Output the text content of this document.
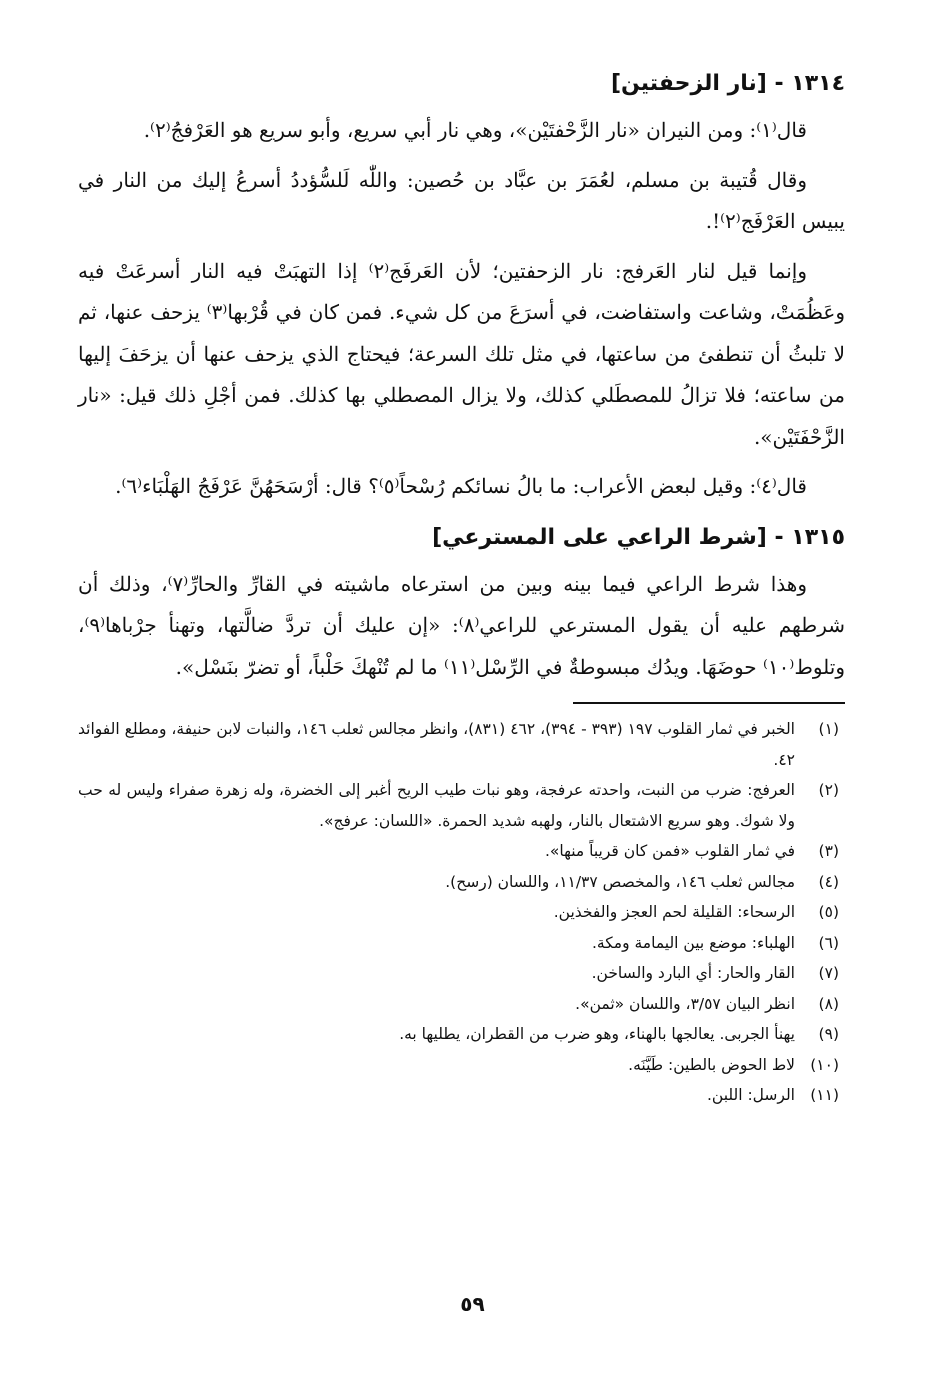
١٣١٤ - [نار الزحفتين]

قال⁽١⁾: ومن النيران «نار الزَّحْفتَيْن»، وهي نار أبي سريع، وأبو سريع هو العَرْفجُ⁽٢⁾.

وقال قُتيبة بن مسلم، لعُمَرَ بن عبَّاد بن حُصين: واللّٰه لَلسُّؤددُ أسرعُ إليك من النار في يبيس العَرْفَج⁽٢⁾!.

وإنما قيل لنار العَرفج: نار الزحفتين؛ لأن العَرفَج⁽٢⁾ إذا التهبَتْ فيه النار أسرعَتْ فيه وعَظُمَتْ، وشاعت واستفاضت، في أسرَعَ من كل شيء. فمن كان في قُرْبها⁽٣⁾ يزحف عنها، ثم لا تلبثُ أن تنطفئ من ساعتها، في مثل تلك السرعة؛ فيحتاج الذي يزحف عنها أن يزحَفَ إليها من ساعته؛ فلا تزالُ للمصطَلي كذلك، ولا يزال المصطلي بها كذلك. فمن أجْلِ ذلك قيل: «نار الزَّحْفَتَيْن».

قال⁽٤⁾: وقيل لبعض الأعراب: ما بالُ نسائكم رُسْحاً⁽٥⁾؟ قال: أرْسَحَهُنَّ عَرْفَجُ الهَلْبَاء⁽٦⁾.

١٣١٥ - [شرط الراعي على المسترعي]

وهذا شرط الراعي فيما بينه وبين من استرعاه ماشيته في القارِّ والحارِّ⁽٧⁾، وذلك أن شرطهم عليه أن يقول المسترعي للراعي⁽٨⁾: «إن عليك أن تردَّ ضالَّتها، وتهنأ جرْباها⁽٩⁾، وتلوط⁽١٠⁾ حوضَهَا. ويدُك مبسوطةٌ في الرِّسْل⁽١١⁾ ما لم تُنْهكَ حَلْباً، أو تضرّ بنَسْل».

(١)
الخبر في ثمار القلوب ١٩٧ (٣٩٣ - ٣٩٤)، ٤٦٢ (٨٣١)، وانظر مجالس ثعلب ١٤٦، والنبات لابن حنيفة، ومطلع الفوائد ٤٢.
(٢)
العرفج: ضرب من النبت، واحدته عرفجة، وهو نبات طيب الريح أغبر إلى الخضرة، وله زهرة صفراء وليس له حب ولا شوك. وهو سريع الاشتعال بالنار، ولهبه شديد الحمرة. «اللسان: عرفج».
(٣)
في ثمار القلوب «فمن كان قريباً منها».
(٤)
مجالس ثعلب ١٤٦، والمخصص ١١/٣٧، واللسان (رسح).
(٥)
الرسحاء: القليلة لحم العجز والفخذين.
(٦)
الهلباء: موضع بين اليمامة ومكة.
(٧)
القار والحار: أي البارد والساخن.
(٨)
انظر البيان ٣/٥٧، واللسان «ثمن».
(٩)
يهنأ الجربى. يعالجها بالهناء، وهو ضرب من القطران، يطليها به.
(١٠)
لاط الحوض بالطين: طَيَّنَه.
(١١)
الرسل: اللبن.
٥٩
